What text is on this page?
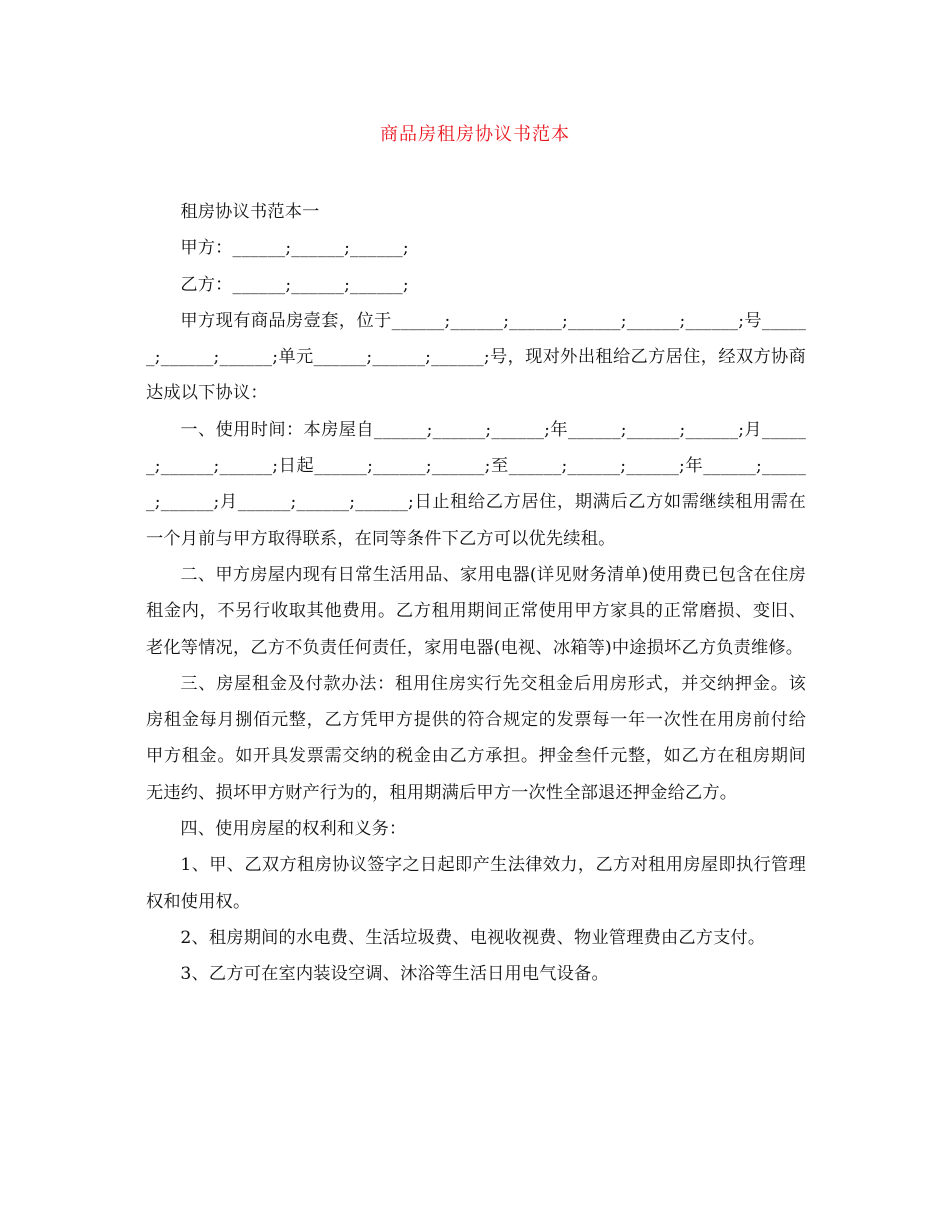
商品房租房协议书范本

租房协议书范本一

甲方：______;______;______;

乙方：______;______;______;

甲方现有商品房壹套，位于______;______;______;______;______;______;号______;______;______;单元______;______;______;号，现对外出租给乙方居住，经双方协商达成以下协议：

一、使用时间：本房屋自______;______;______;年______;______;______;月______;______;______;日起______;______;______;至______;______;______;年______;______;______;月______;______;______;日止租给乙方居住，期满后乙方如需继续租用需在一个月前与甲方取得联系，在同等条件下乙方可以优先续租。

二、甲方房屋内现有日常生活用品、家用电器(详见财务清单)使用费已包含在住房租金内，不另行收取其他费用。乙方租用期间正常使用甲方家具的正常磨损、变旧、老化等情况，乙方不负责任何责任，家用电器(电视、冰箱等)中途损坏乙方负责维修。

三、房屋租金及付款办法：租用住房实行先交租金后用房形式，并交纳押金。该房租金每月捌佰元整，乙方凭甲方提供的符合规定的发票每一年一次性在用房前付给甲方租金。如开具发票需交纳的税金由乙方承担。押金叁仟元整，如乙方在租房期间无违约、损坏甲方财产行为的，租用期满后甲方一次性全部退还押金给乙方。

四、使用房屋的权利和义务：

1、甲、乙双方租房协议签字之日起即产生法律效力，乙方对租用房屋即执行管理权和使用权。

2、租房期间的水电费、生活垃圾费、电视收视费、物业管理费由乙方支付。

3、乙方可在室内装设空调、沐浴等生活日用电气设备。
